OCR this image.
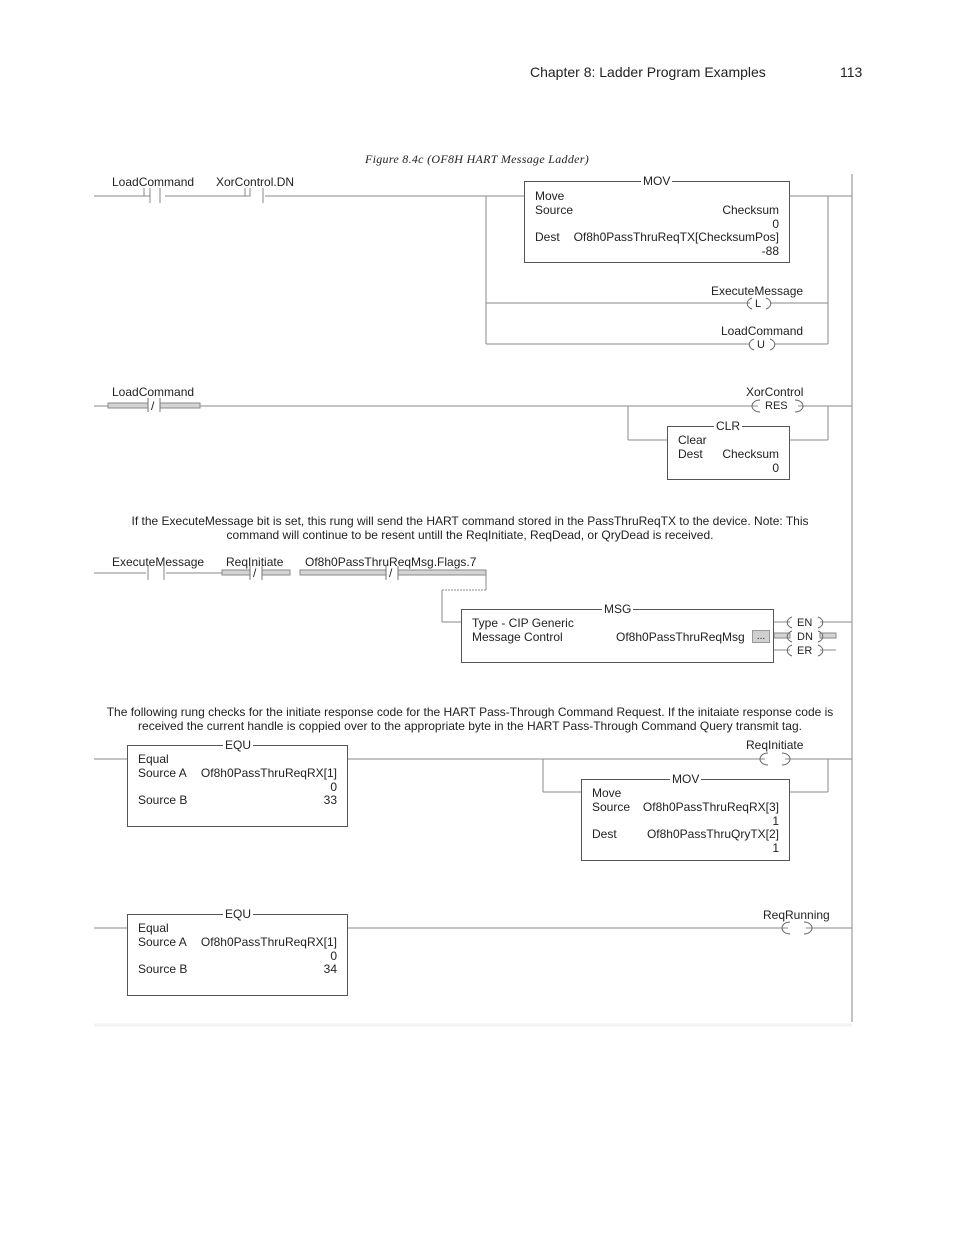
Chapter 8: Ladder Program Examples	113
Figure 8.4c (OF8H HART Message Ladder)
LoadCommand XorControl.DN	MOV
Move
Source	Checksum
0
Dest Of8h0PassThruReqTX[ChecksumPos]
-88
ExecuteMessage
L
LoadCommand
U
LoadCommand
/
XorControl
RES
CLR
Clear
Dest Checksum
0
If the ExecuteMessage bit is set, this rung will send the HART command stored in the PassThruReqTX to the device. Note: This
command will continue to be resent untill the ReqInitiate, ReqDead, or QryDead is received.
ExecuteMessage ReqInitiate Of8h0PassThruReqMsg.Flags.7
/	/
MSG
Type - CIP Generic
Message Control	Of8h0PassThruReqMsg	...
EN
DN
ER
The following rung checks for the initiate response code for the HART Pass-Through Command Request. If the initaiate response code is
received the current handle is coppied over to the appropriate byte in the HART Pass-Through Command Query transmit tag.
EQU
Equal
Source A Of8h0PassThruReqRX[1]
0
Source B	33
ReqInitiate
MOV
Move
Source Of8h0PassThruReqRX[3]
1
Dest	Of8h0PassThruQryTX[2]
1
EQU
Equal
Source A Of8h0PassThruReqRX[1]
0
Source B	34
ReqRunning
